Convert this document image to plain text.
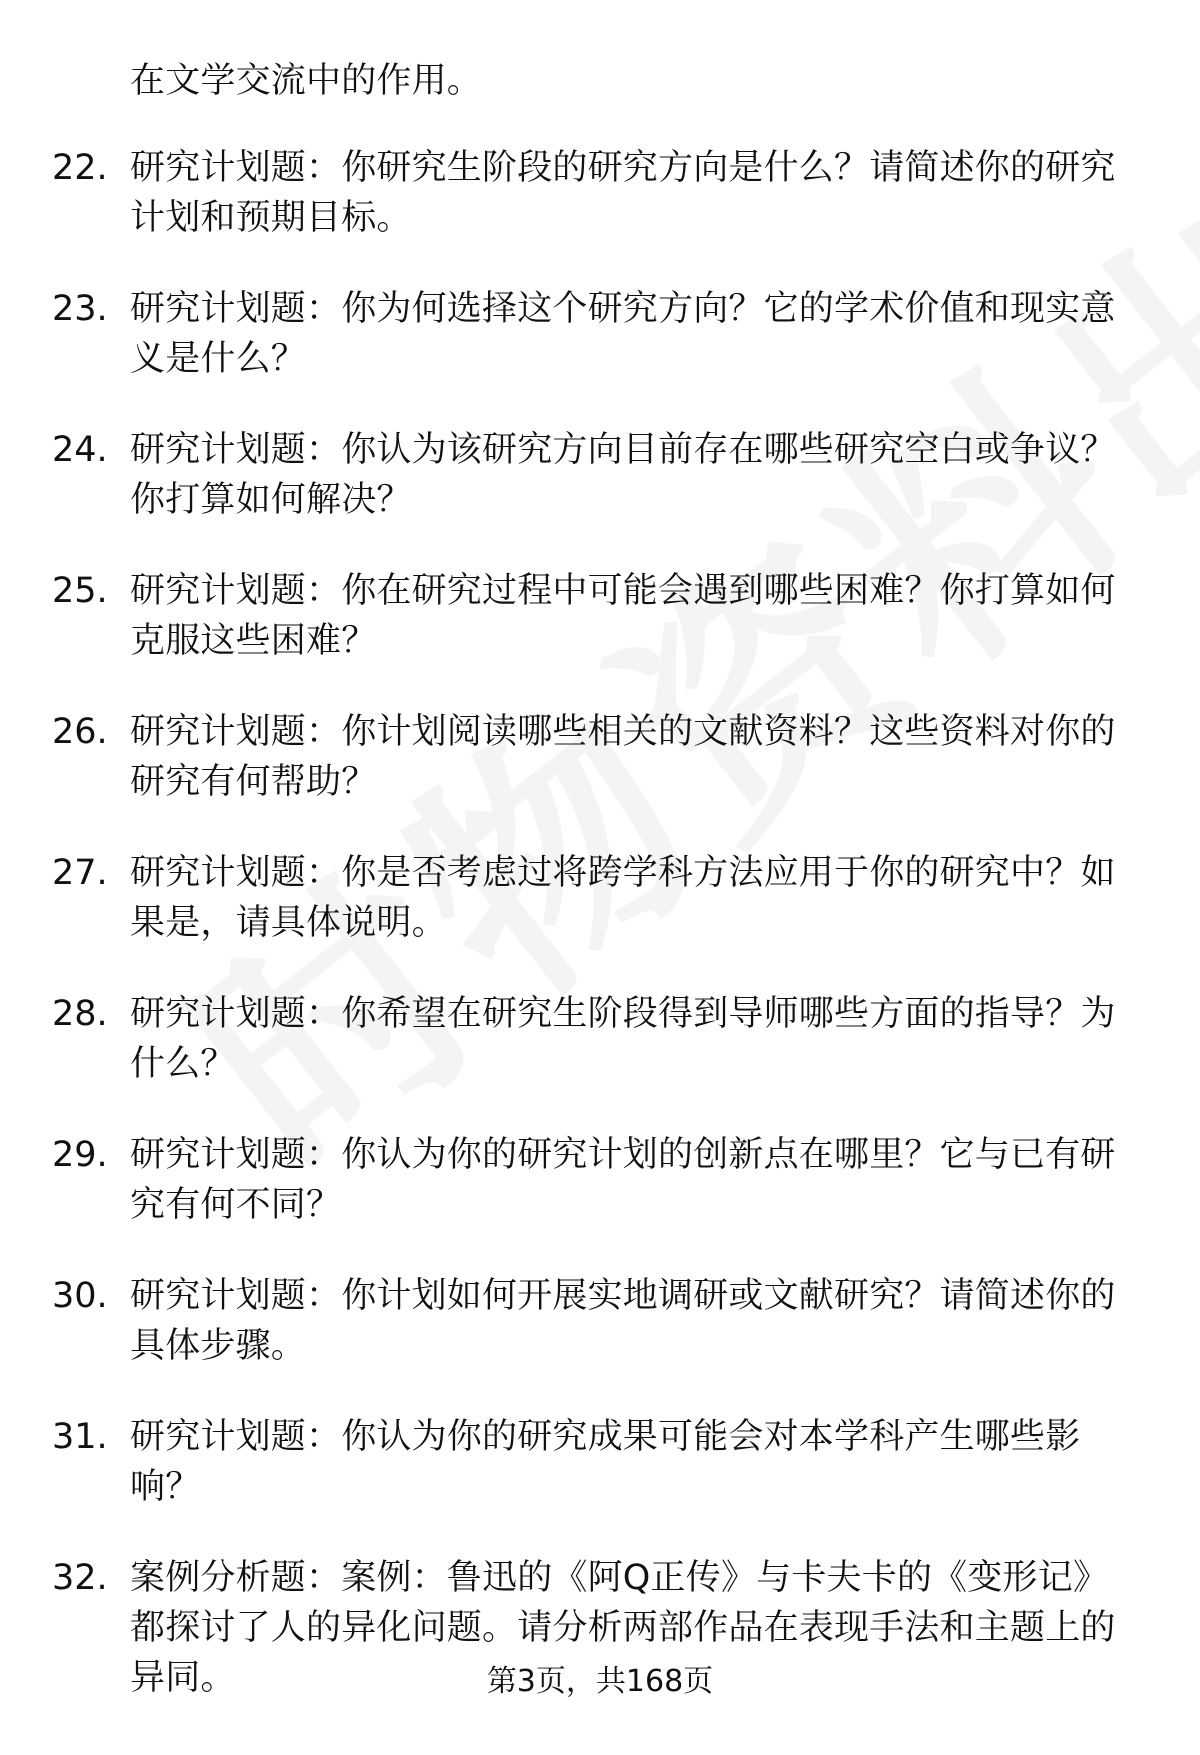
在文学交流中的作用。
22. 研究计划题：你研究生阶段的研究方向是什么？请简述你的研究计划和预期目标。
23. 研究计划题：你为何选择这个研究方向？它的学术价值和现实意义是什么？
24. 研究计划题：你认为该研究方向目前存在哪些研究空白或争议？你打算如何解决？
25. 研究计划题：你在研究过程中可能会遇到哪些困难？你打算如何克服这些困难？
26. 研究计划题：你计划阅读哪些相关的文献资料？这些资料对你的研究有何帮助？
27. 研究计划题：你是否考虑过将跨学科方法应用于你的研究中？如果是，请具体说明。
28. 研究计划题：你希望在研究生阶段得到导师哪些方面的指导？为什么？
29. 研究计划题：你认为你的研究计划的创新点在哪里？它与已有研究有何不同？
30. 研究计划题：你计划如何开展实地调研或文献研究？请简述你的具体步骤。
31. 研究计划题：你认为你的研究成果可能会对本学科产生哪些影响？
32. 案例分析题：案例：鲁迅的《阿Q正传》与卡夫卡的《变形记》都探讨了人的异化问题。请分析两部作品在表现手法和主题上的异同。	第3页，共168页
